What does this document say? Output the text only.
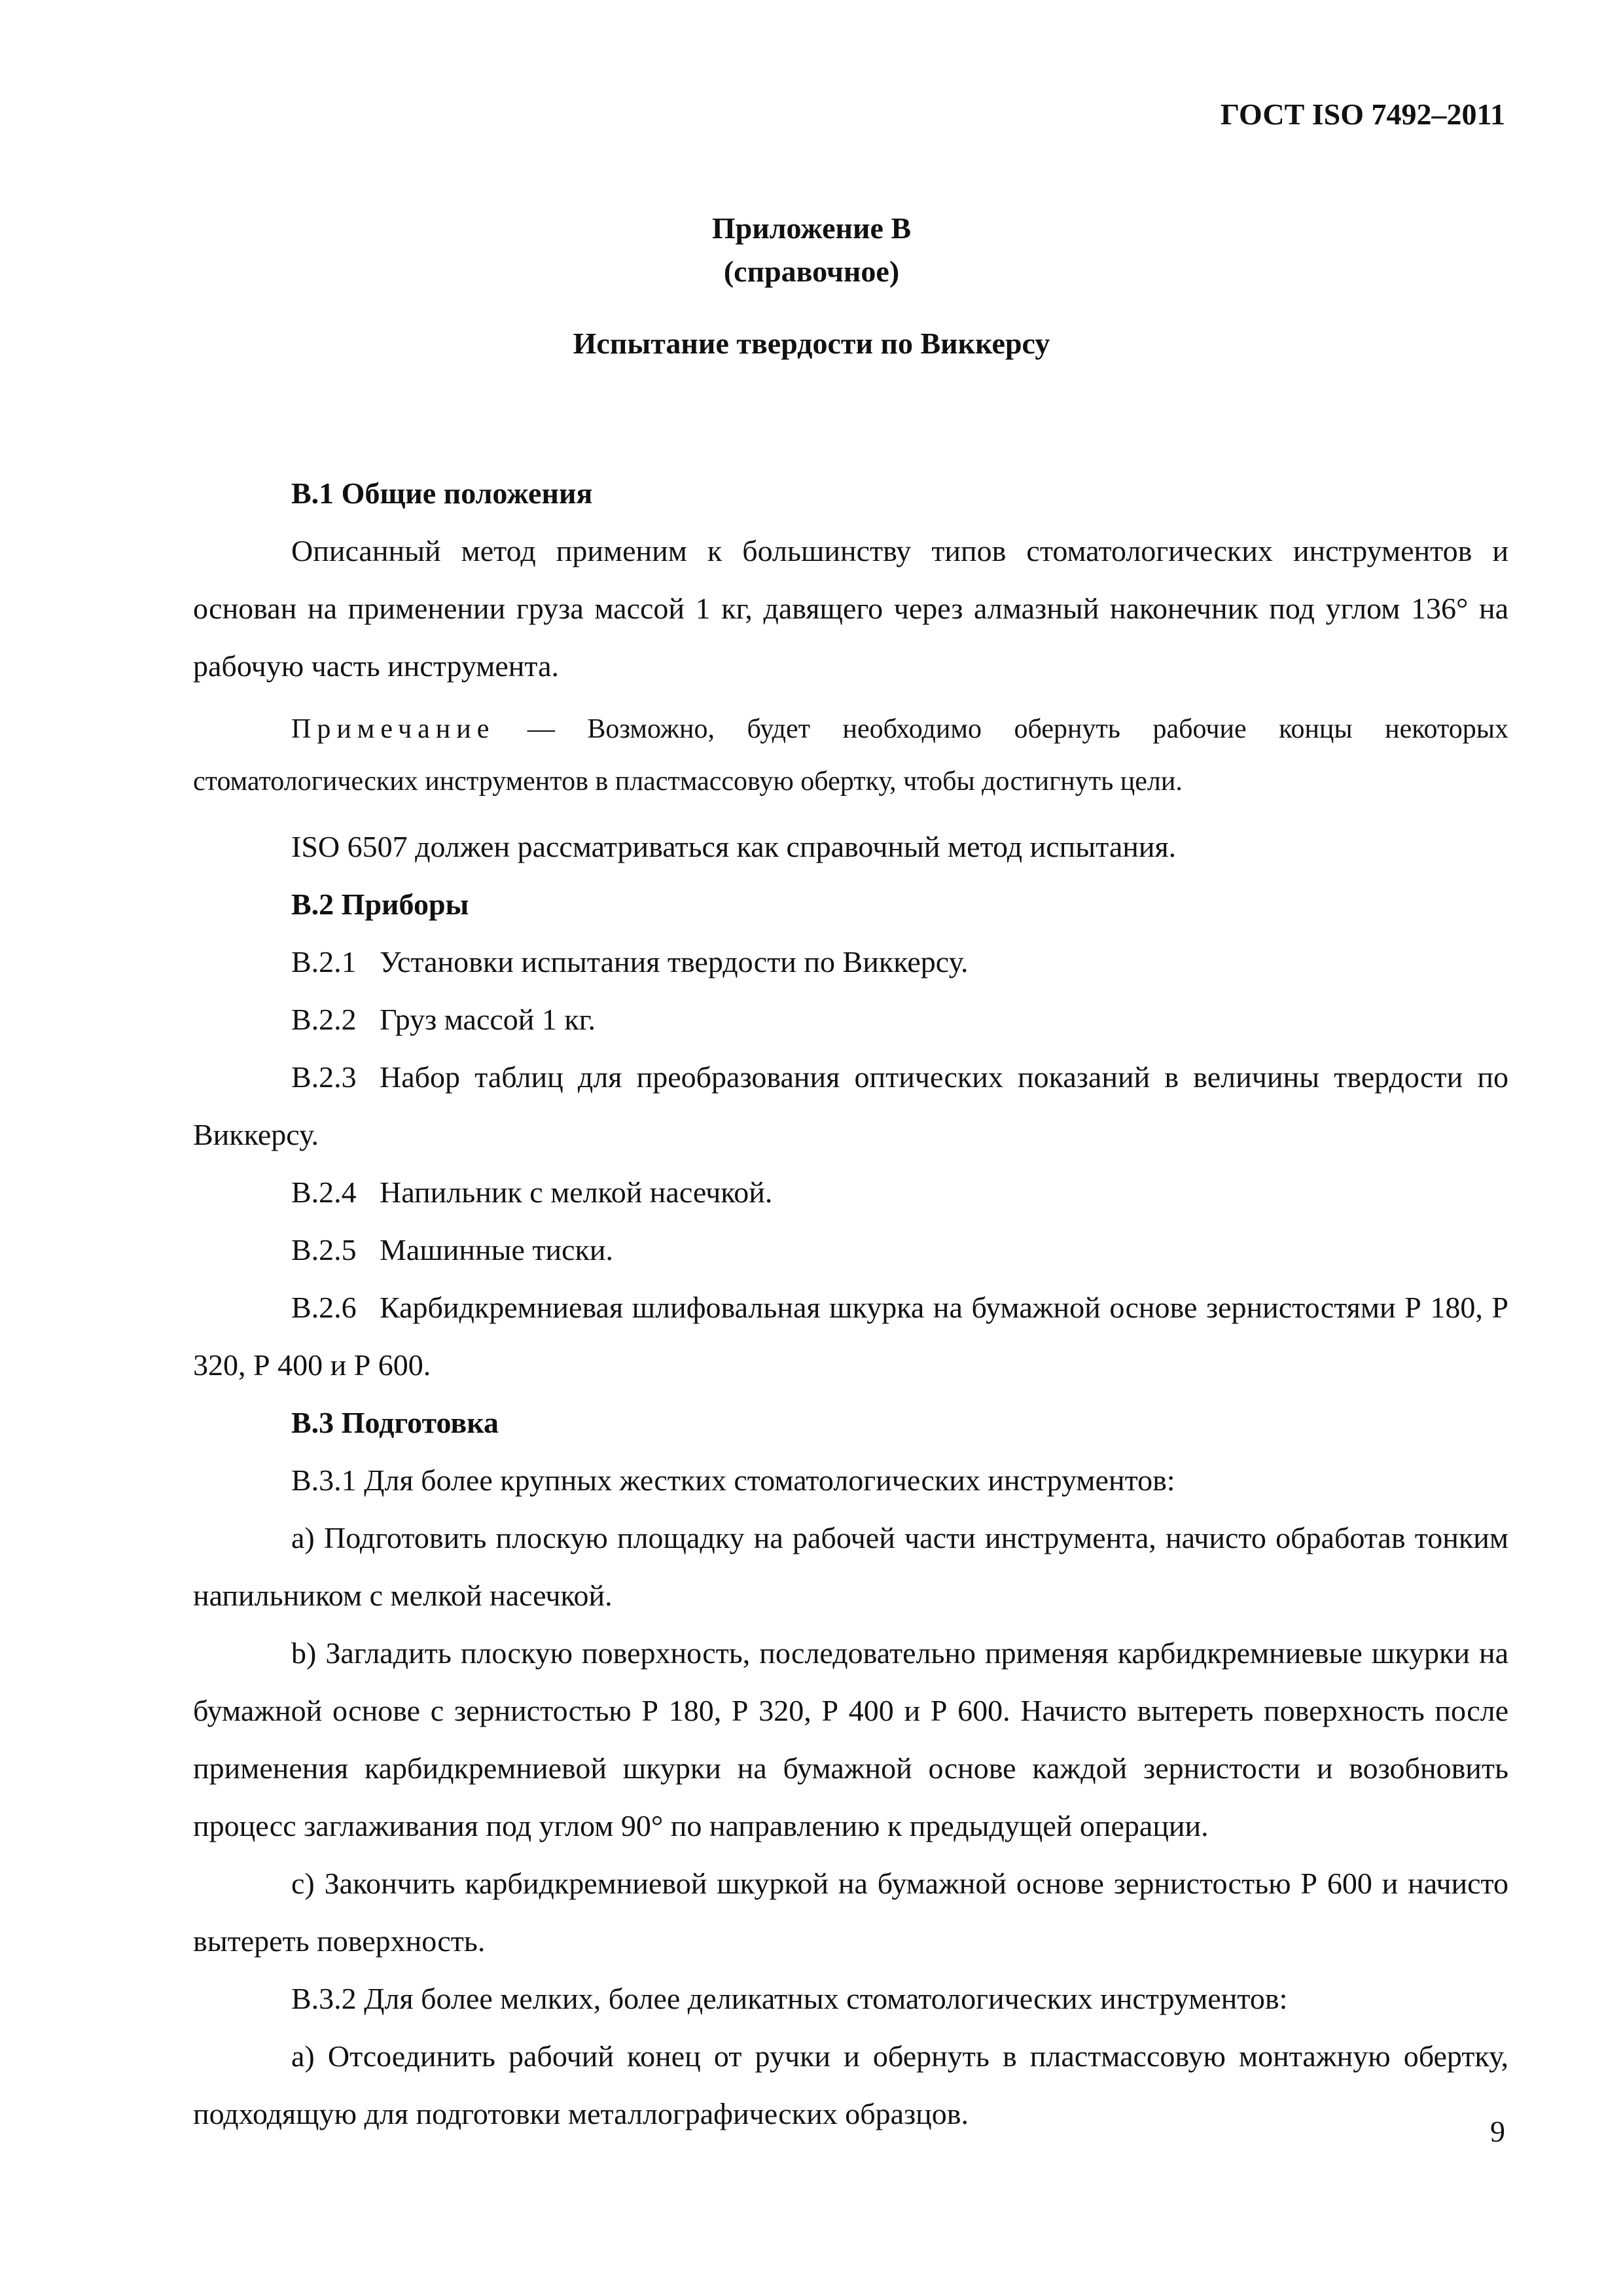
ГОСТ ISO 7492–2011
Приложение В
(справочное)
Испытание твердости по Виккерсу

В.1 Общие положения

Описанный метод применим к большинству типов стоматологических инструментов и основан на применении груза массой 1 кг, давящего через алмазный наконечник под углом 136° на рабочую часть инструмента.

Примечание — Возможно, будет необходимо обернуть рабочие концы некоторых стоматологических инструментов в пластмассовую обертку, чтобы достигнуть цели.

ISO 6507 должен рассматриваться как справочный метод испытания.

В.2 Приборы

В.2.1 Установки испытания твердости по Виккерсу.

В.2.2 Груз массой 1 кг.

В.2.3 Набор таблиц для преобразования оптических показаний в величины твердости по Виккерсу.

В.2.4 Напильник с мелкой насечкой.

В.2.5 Машинные тиски.

В.2.6 Карбидкремниевая шлифовальная шкурка на бумажной основе зернистостями Р 180, Р 320, Р 400 и Р 600.

В.3 Подготовка

В.3.1 Для более крупных жестких стоматологических инструментов:

а) Подготовить плоскую площадку на рабочей части инструмента, начисто обработав тонким напильником с мелкой насечкой.

b) Загладить плоскую поверхность, последовательно применяя карбидкремниевые шкурки на бумажной основе с зернистостью Р 180, Р 320, Р 400 и Р 600. Начисто вытереть поверхность после применения карбидкремниевой шкурки на бумажной основе каждой зернистости и возобновить процесс заглаживания под углом 90° по направлению к предыдущей операции.

c) Закончить карбидкремниевой шкуркой на бумажной основе зернистостью Р 600 и начисто вытереть поверхность.

В.3.2 Для более мелких, более деликатных стоматологических инструментов:

а) Отсоединить рабочий конец от ручки и обернуть в пластмассовую монтажную обертку, подходящую для подготовки металлографических образцов.

9
